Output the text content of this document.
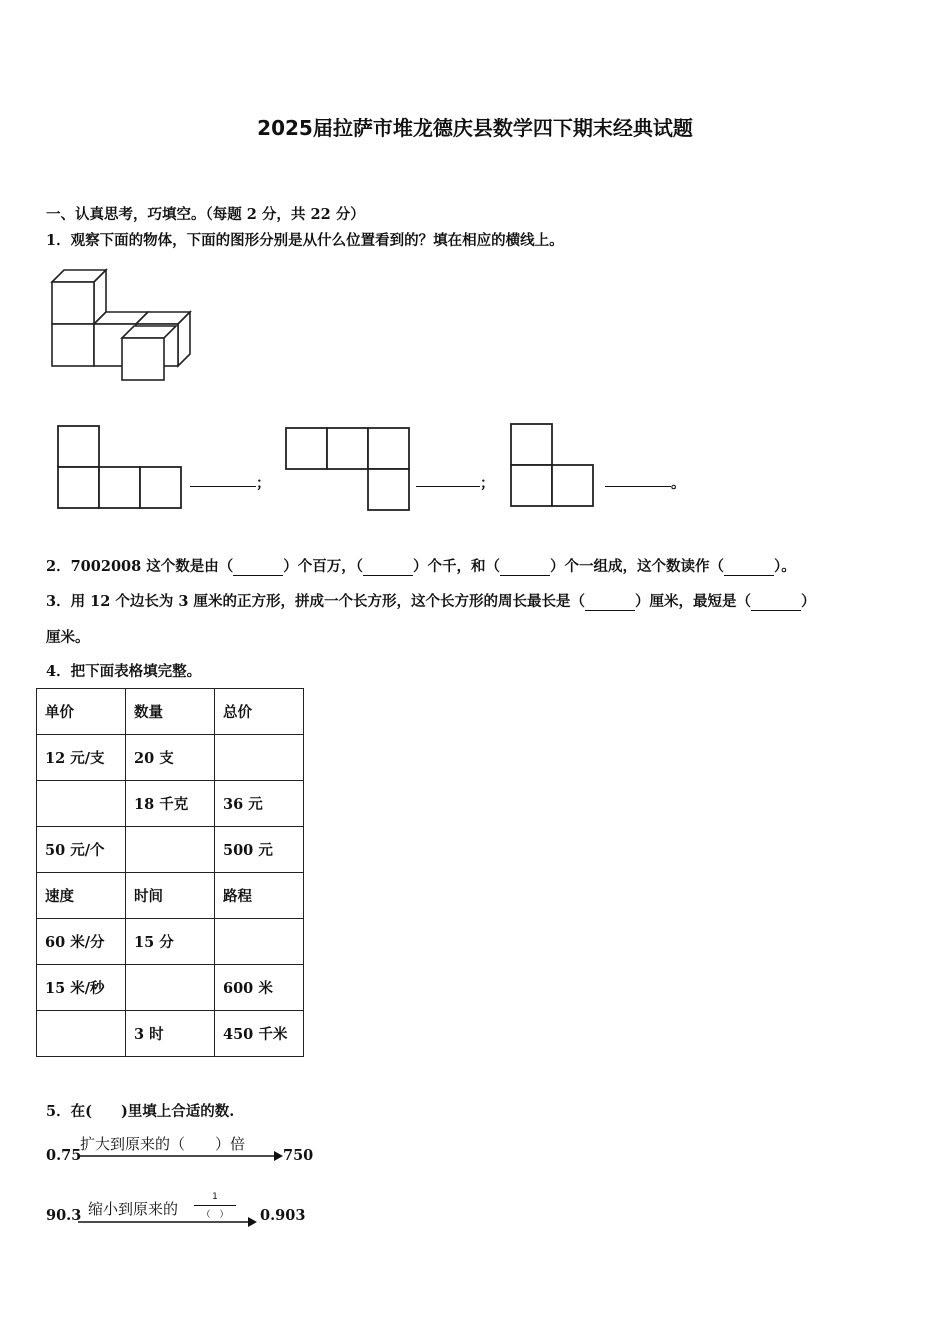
2025届拉萨市堆龙德庆县数学四下期末经典试题
一、认真思考，巧填空。（每题 2 分，共 22 分）
1．观察下面的物体，下面的图形分别是从什么位置看到的？填在相应的横线上。
；	；	。
2．7002008 这个数是由（	）个百万，（	）个千，和（	）个一组成，这个数读作（	）。
3．用 12 个边长为 3 厘米的正方形，拼成一个长方形，这个长方形的周长最长是（	）厘米，最短是（	）
厘米。
4．把下面表格填完整。
单价	数量	总价
12 元/支	20 支	
	18 千克	36 元
50 元/个		500 元
速度	时间	路程
60 米/分	15 分	
15 米/秒		600 米
	3 时	450 千米
5．在(　　)里填上合适的数.
0.75
扩大到原来的（　　）倍
750
90.3 缩小到原来的
1
（　）	0.903
